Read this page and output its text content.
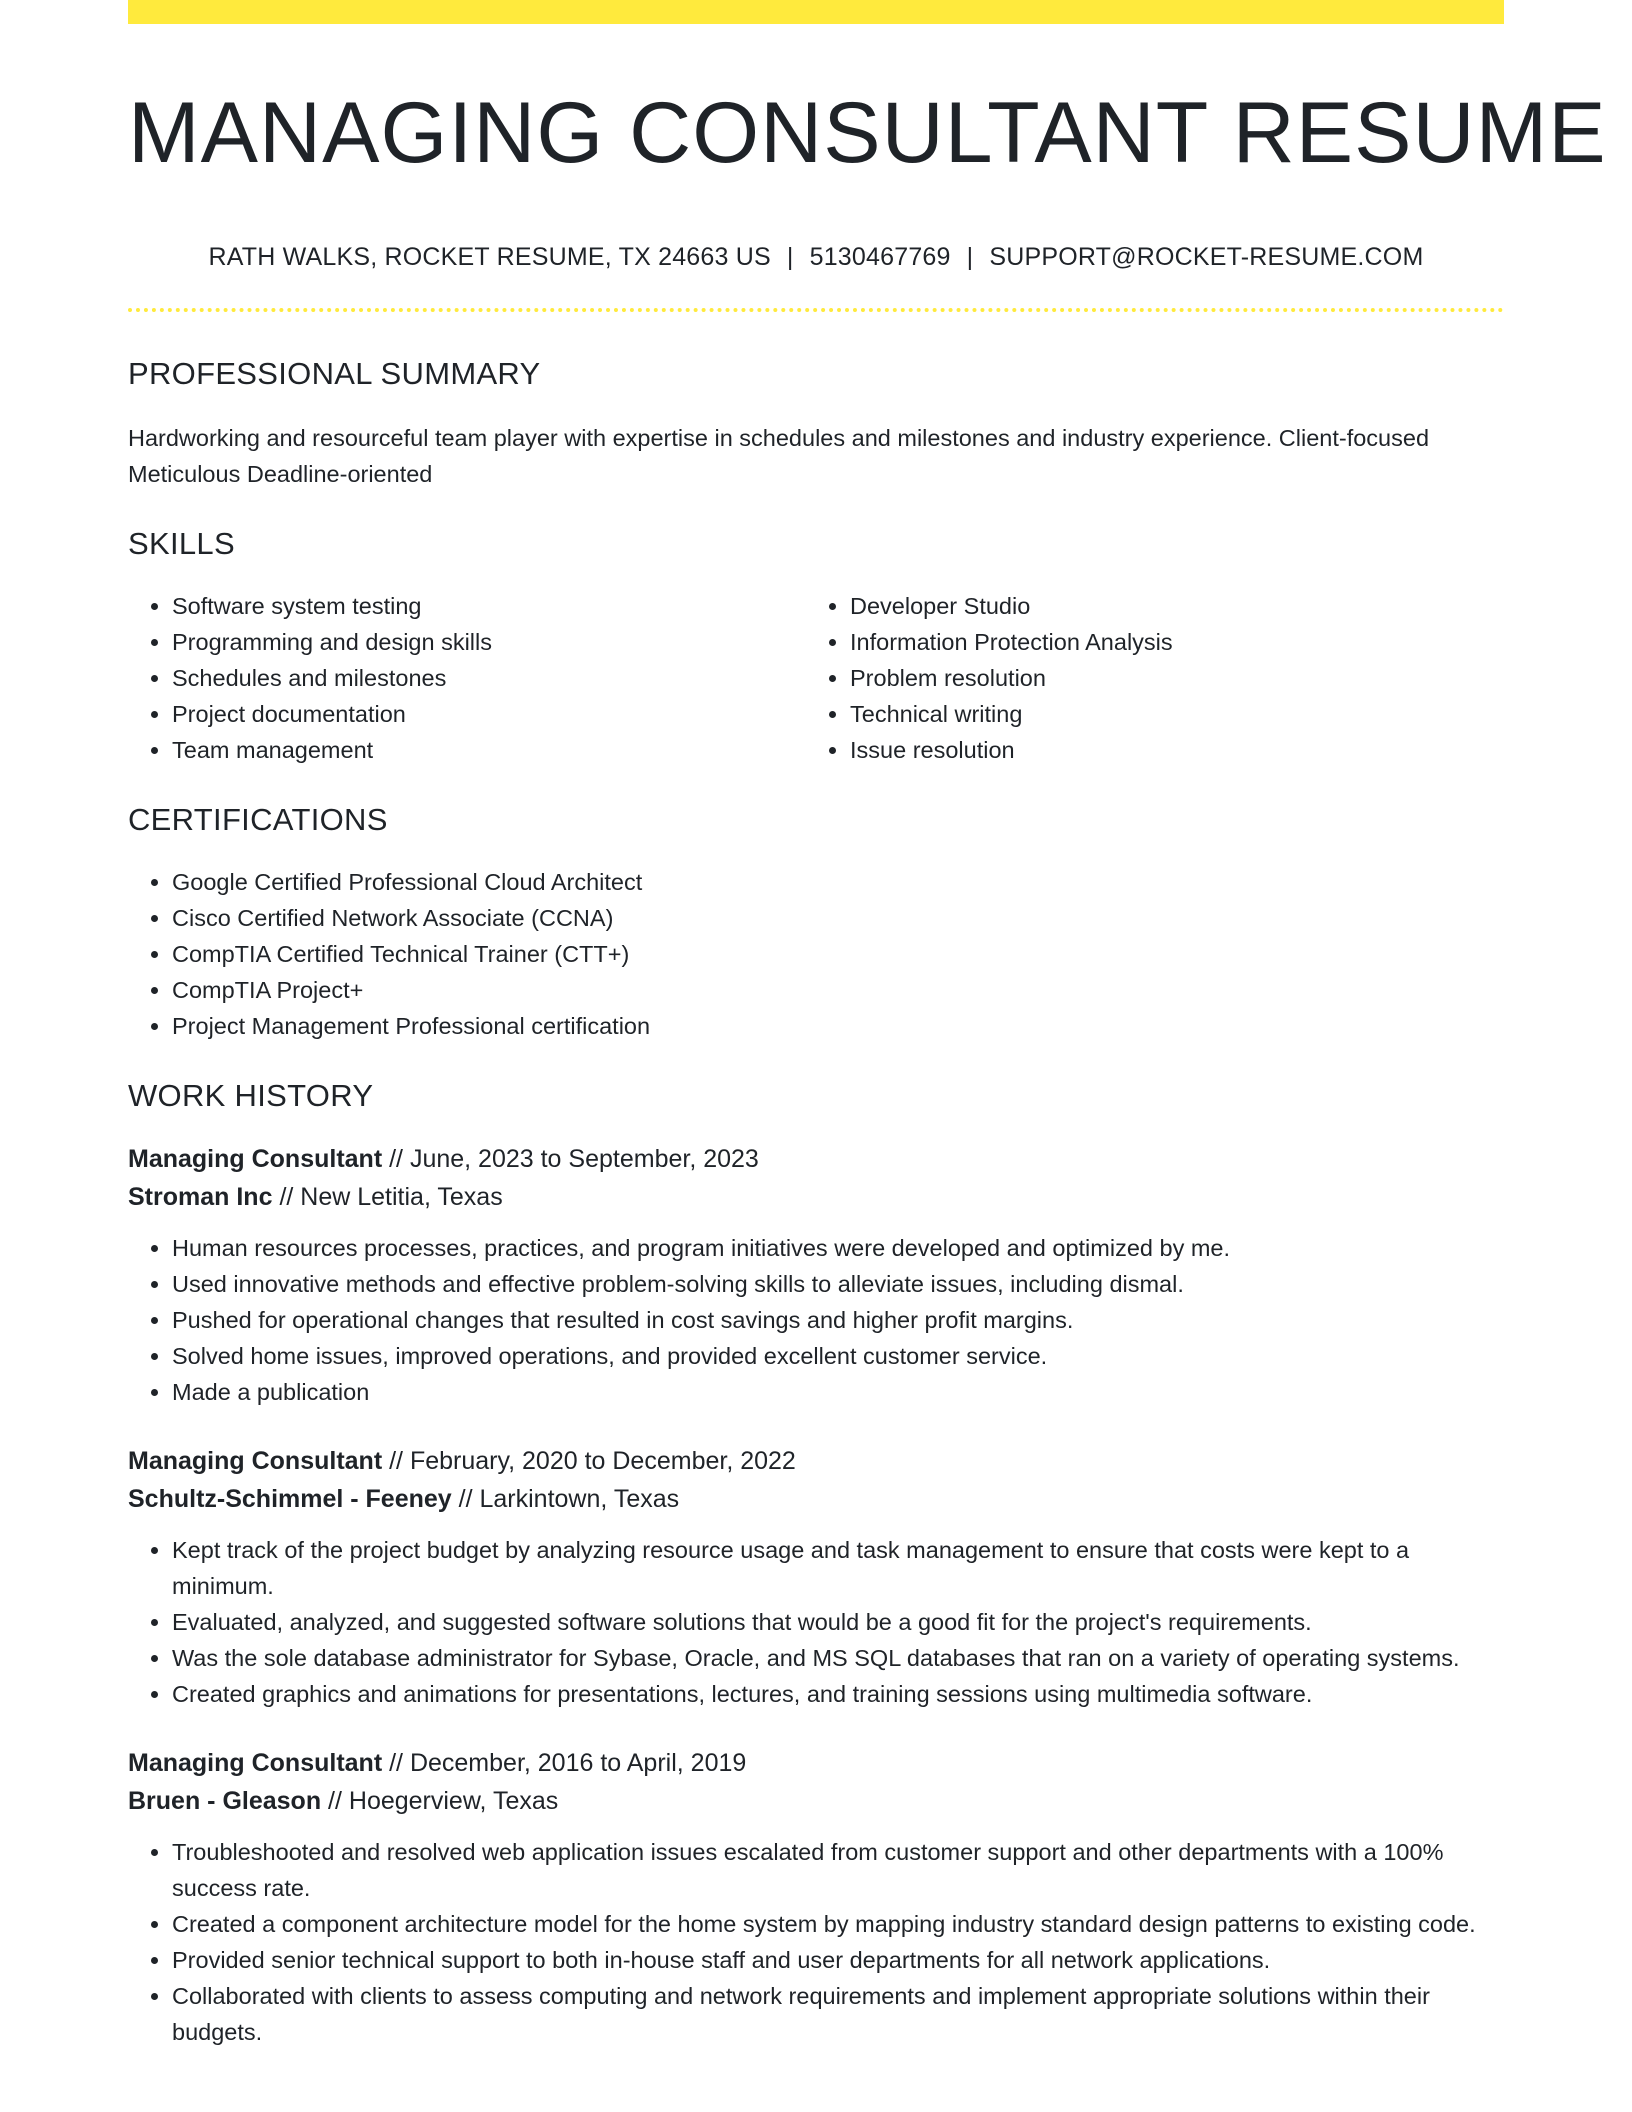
MANAGING CONSULTANT RESUME
RATH WALKS, ROCKET RESUME, TX 24663 US | 5130467769 | SUPPORT@ROCKET-RESUME.COM
PROFESSIONAL SUMMARY
Hardworking and resourceful team player with expertise in schedules and milestones and industry experience. Client-focused Meticulous Deadline-oriented
SKILLS
• Software system testing
• Programming and design skills
• Schedules and milestones
• Project documentation
• Team management
• Developer Studio
• Information Protection Analysis
• Problem resolution
• Technical writing
• Issue resolution
CERTIFICATIONS
• Google Certified Professional Cloud Architect
• Cisco Certified Network Associate (CCNA)
• CompTIA Certified Technical Trainer (CTT+)
• CompTIA Project+
• Project Management Professional certification
WORK HISTORY
Managing Consultant // June, 2023 to September, 2023
Stroman Inc // New Letitia, Texas
• Human resources processes, practices, and program initiatives were developed and optimized by me.
• Used innovative methods and effective problem-solving skills to alleviate issues, including dismal.
• Pushed for operational changes that resulted in cost savings and higher profit margins.
• Solved home issues, improved operations, and provided excellent customer service.
• Made a publication
Managing Consultant // February, 2020 to December, 2022
Schultz-Schimmel - Feeney // Larkintown, Texas
• Kept track of the project budget by analyzing resource usage and task management to ensure that costs were kept to a minimum.
• Evaluated, analyzed, and suggested software solutions that would be a good fit for the project's requirements.
• Was the sole database administrator for Sybase, Oracle, and MS SQL databases that ran on a variety of operating systems.
• Created graphics and animations for presentations, lectures, and training sessions using multimedia software.
Managing Consultant // December, 2016 to April, 2019
Bruen - Gleason // Hoegerview, Texas
• Troubleshooted and resolved web application issues escalated from customer support and other departments with a 100% success rate.
• Created a component architecture model for the home system by mapping industry standard design patterns to existing code.
• Provided senior technical support to both in-house staff and user departments for all network applications.
• Collaborated with clients to assess computing and network requirements and implement appropriate solutions within their budgets.
